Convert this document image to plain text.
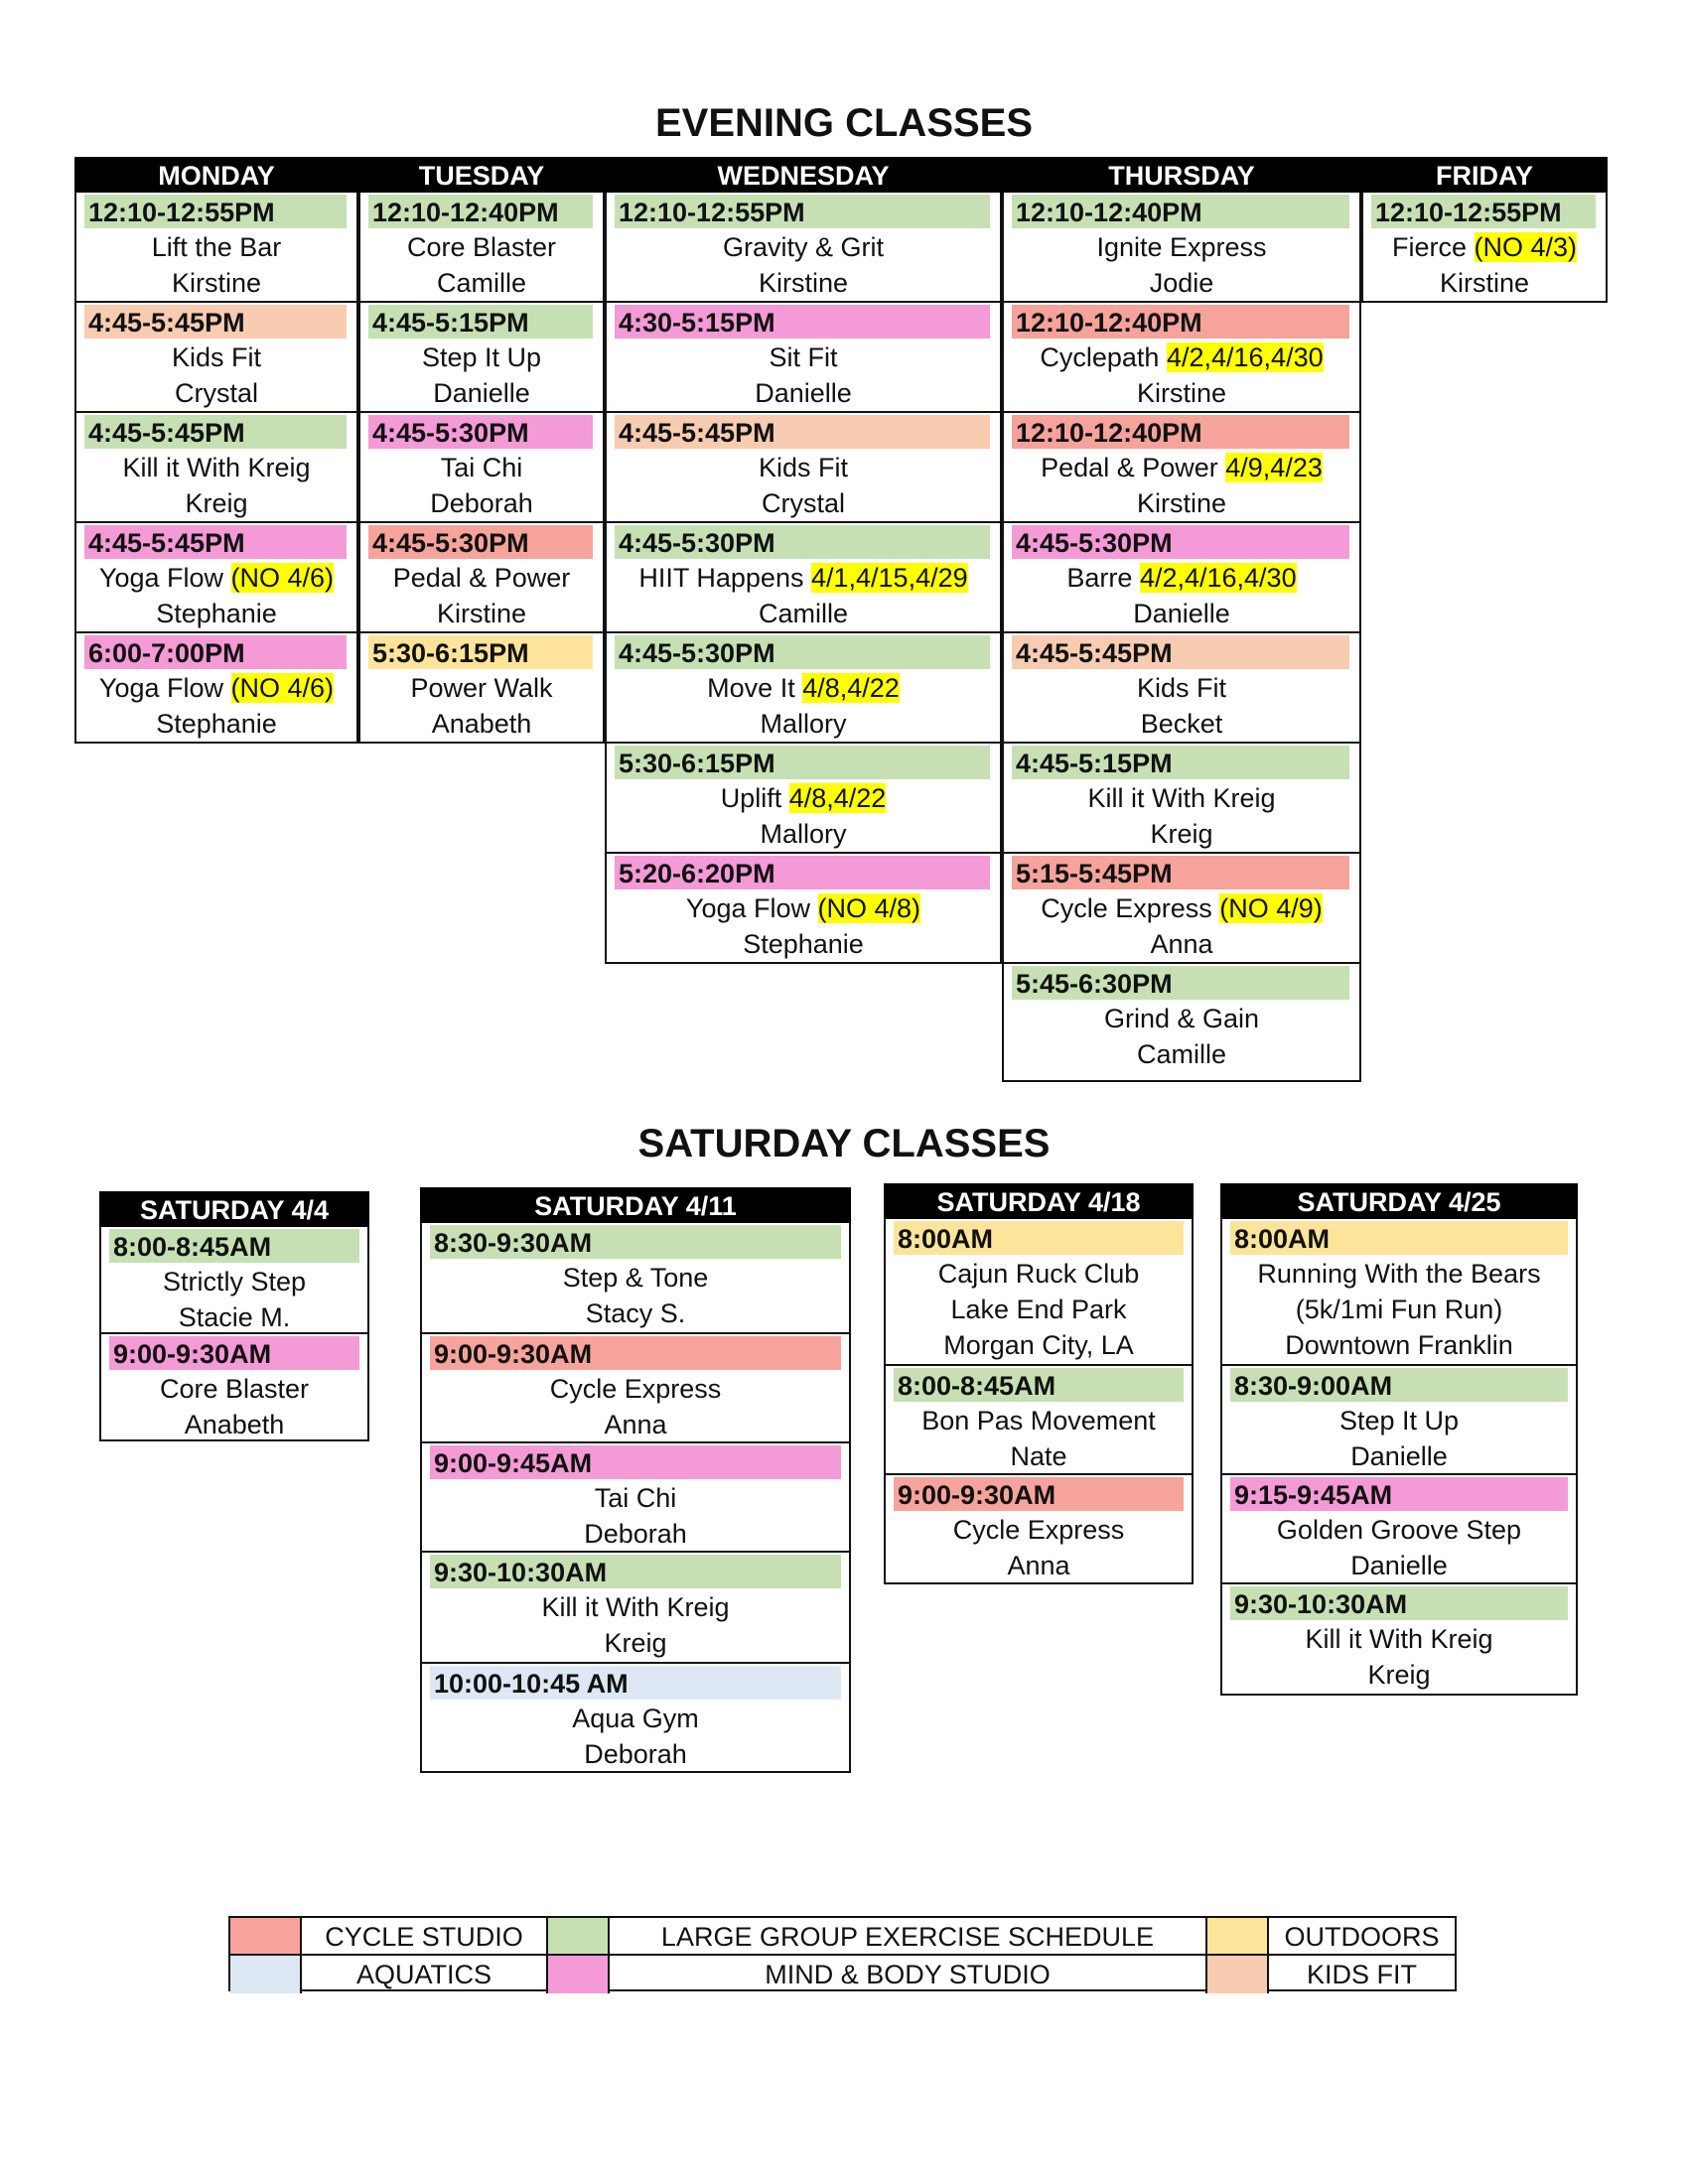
EVENING CLASSES
SATURDAY CLASSES
MONDAY
12:10-12:55PM
Lift the Bar
Kirstine
4:45-5:45PM
Kids Fit
Crystal
4:45-5:45PM
Kill it With Kreig
Kreig
4:45-5:45PM
Yoga Flow (NO 4/6)
Stephanie
6:00-7:00PM
Yoga Flow (NO 4/6)
Stephanie
TUESDAY
12:10-12:40PM
Core Blaster
Camille
4:45-5:15PM
Step It Up
Danielle
4:45-5:30PM
Tai Chi
Deborah
4:45-5:30PM
Pedal & Power
Kirstine
5:30-6:15PM
Power Walk
Anabeth
WEDNESDAY
12:10-12:55PM
Gravity & Grit
Kirstine
4:30-5:15PM
Sit Fit
Danielle
4:45-5:45PM
Kids Fit
Crystal
4:45-5:30PM
HIIT Happens 4/1,4/15,4/29
Camille
4:45-5:30PM
Move It 4/8,4/22
Mallory
5:30-6:15PM
Uplift 4/8,4/22
Mallory
5:20-6:20PM
Yoga Flow (NO 4/8)
Stephanie
THURSDAY
12:10-12:40PM
Ignite Express
Jodie
12:10-12:40PM
Cyclepath 4/2,4/16,4/30
Kirstine
12:10-12:40PM
Pedal & Power 4/9,4/23
Kirstine
4:45-5:30PM
Barre 4/2,4/16,4/30
Danielle
4:45-5:45PM
Kids Fit
Becket
4:45-5:15PM
Kill it With Kreig
Kreig
5:15-5:45PM
Cycle Express (NO 4/9)
Anna
5:45-6:30PM
Grind & Gain
Camille
FRIDAY
12:10-12:55PM
Fierce (NO 4/3)
Kirstine
SATURDAY 4/4
8:00-8:45AM
Strictly Step
Stacie M.
9:00-9:30AM
Core Blaster
Anabeth
SATURDAY 4/11
8:30-9:30AM
Step & Tone
Stacy S.
9:00-9:30AM
Cycle Express
Anna
9:00-9:45AM
Tai Chi
Deborah
9:30-10:30AM
Kill it With Kreig
Kreig
10:00-10:45 AM
Aqua Gym
Deborah
SATURDAY 4/18
8:00AM
Cajun Ruck Club
Lake End Park
Morgan City, LA
8:00-8:45AM
Bon Pas Movement
Nate
9:00-9:30AM
Cycle Express
Anna
SATURDAY 4/25
8:00AM
Running With the Bears
(5k/1mi Fun Run)
Downtown Franklin
8:30-9:00AM
Step It Up
Danielle
9:15-9:45AM
Golden Groove Step
Danielle
9:30-10:30AM
Kill it With Kreig
Kreig
CYCLE STUDIO	LARGE GROUP EXERCISE SCHEDULE	OUTDOORS
AQUATICS	MIND & BODY STUDIO	KIDS FIT
